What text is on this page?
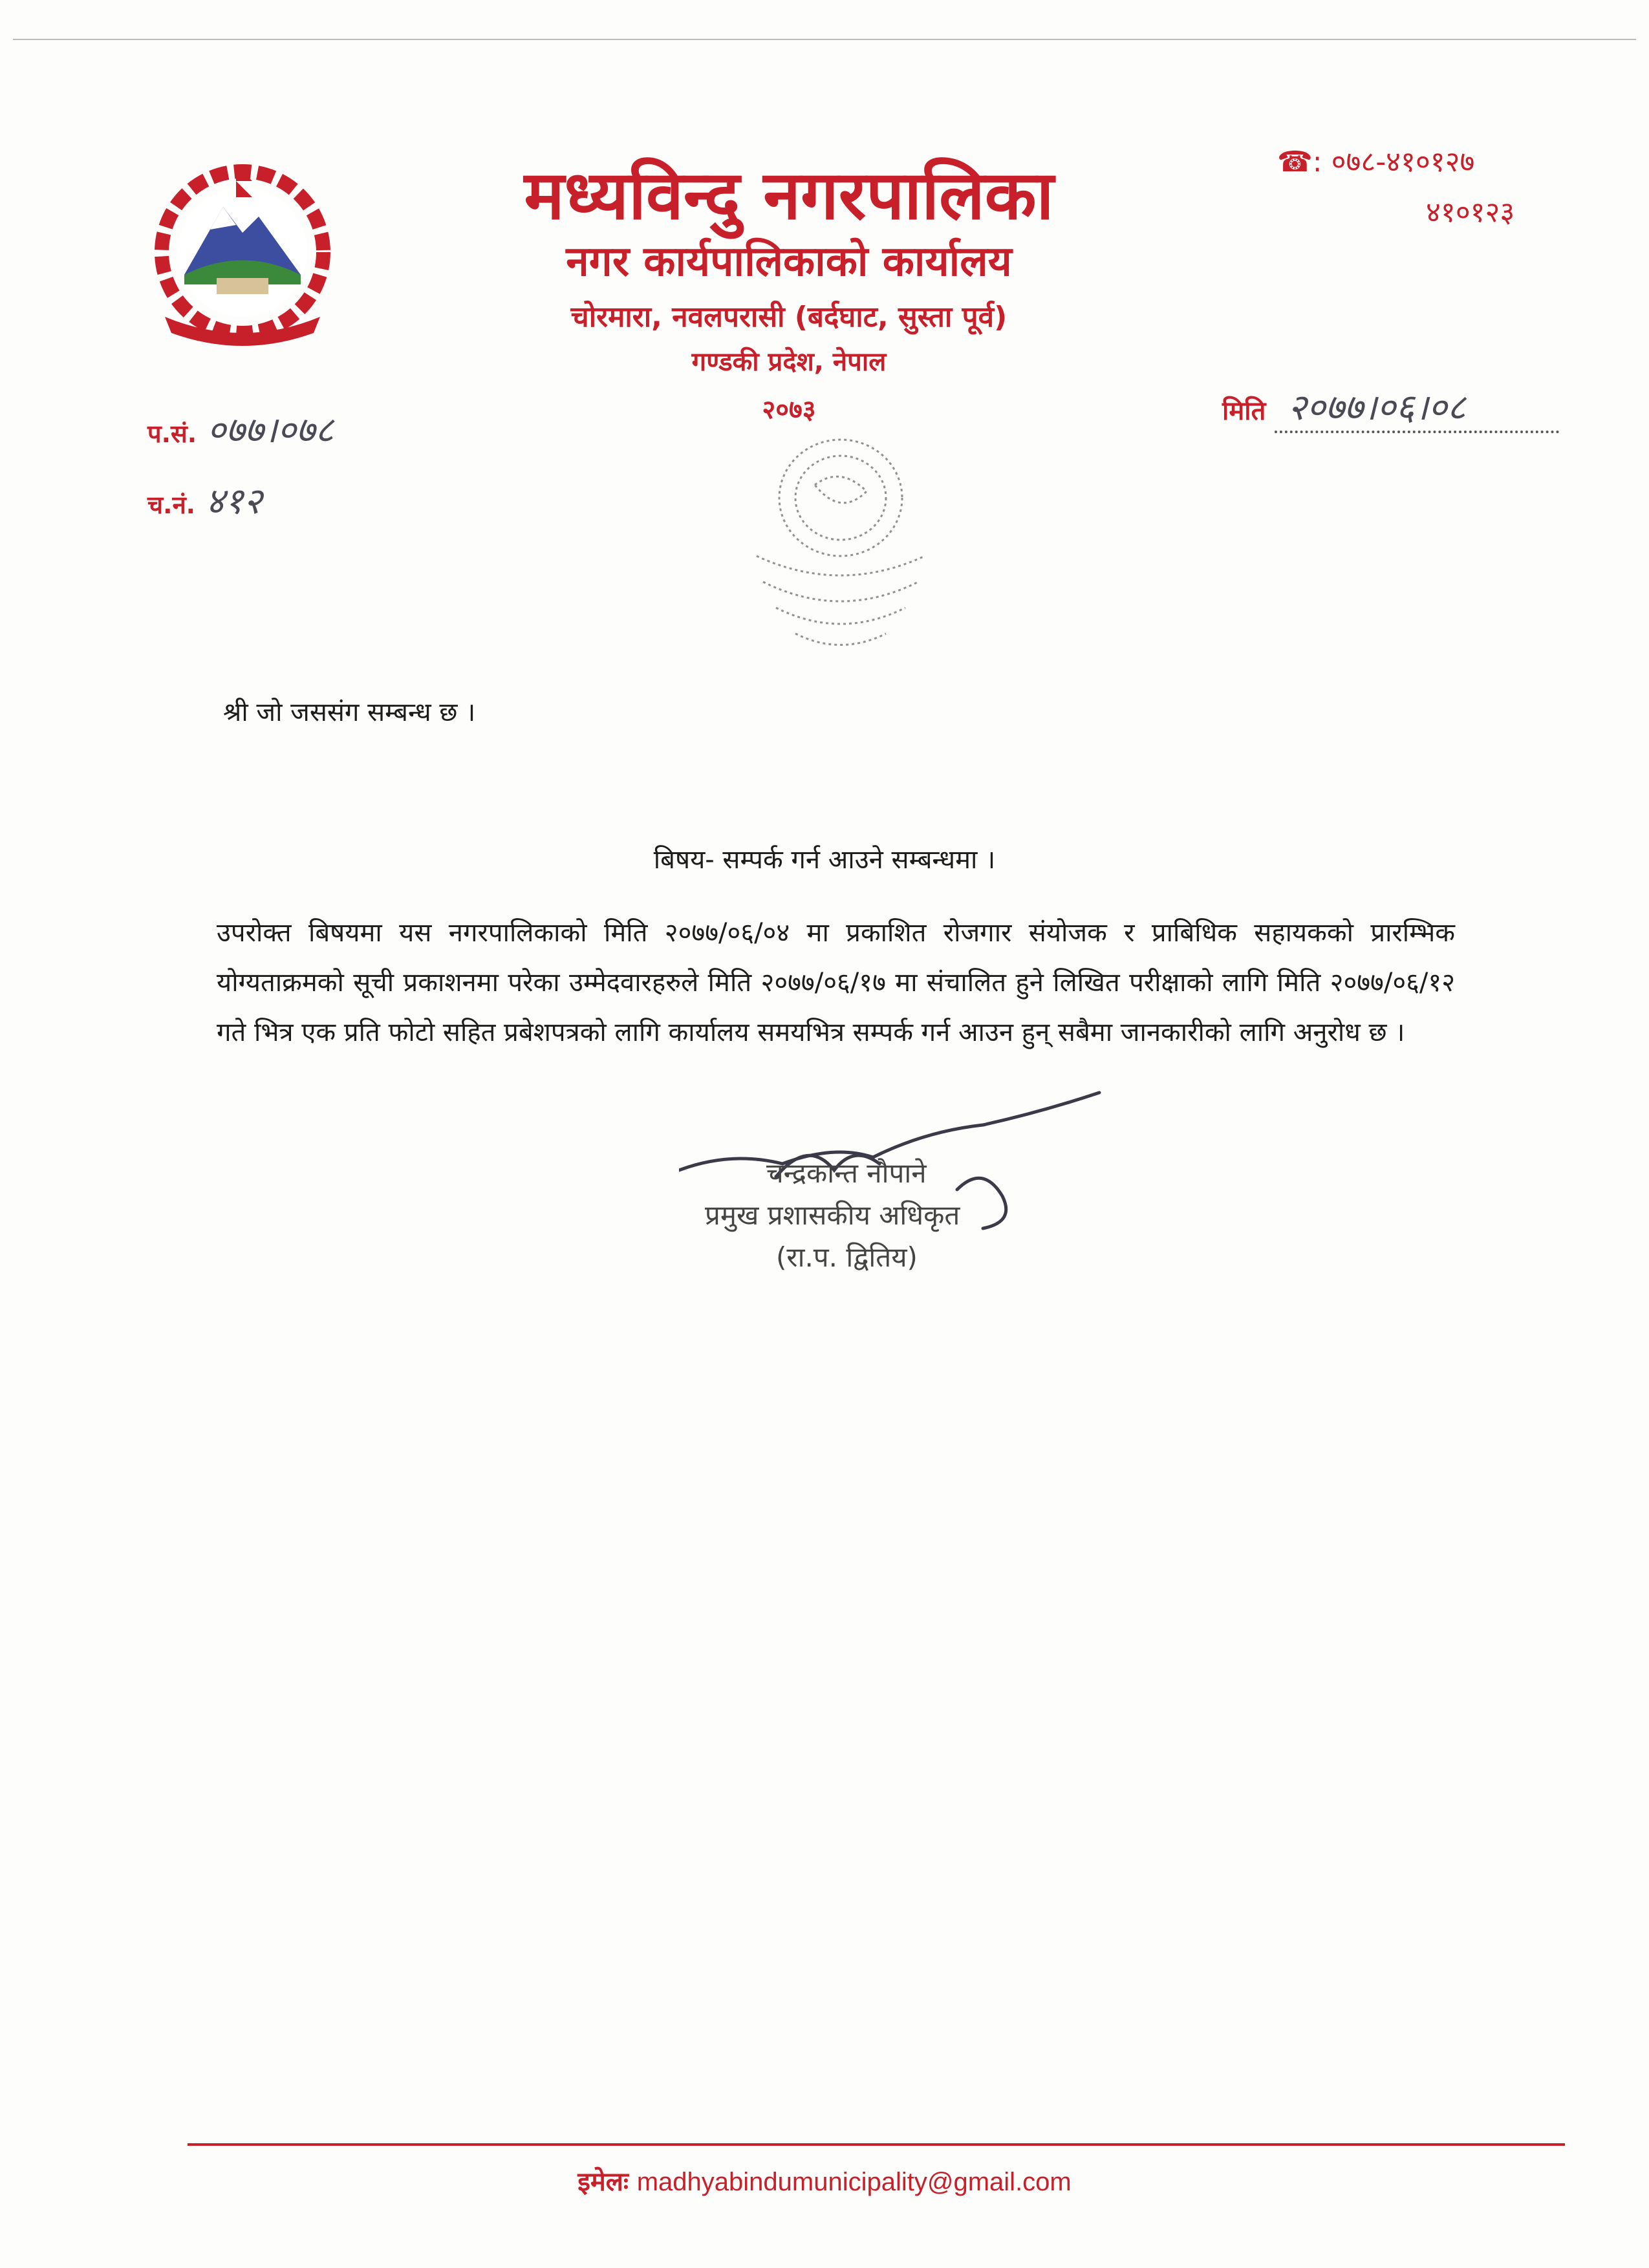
मध्यविन्दु नगरपालिका
नगर कार्यपालिकाको कार्यालय
चोरमारा, नवलपरासी (बर्दघाट, सुस्ता पूर्व)
गण्डकी प्रदेश, नेपाल
२०७३
☎: ०७८-४१०१२७
४१०१२३
प.सं. ०७७।०७८
च.नं. ४१२
मिति २०७७।०६।०८
श्री जो जससंग सम्बन्ध छ ।
बिषय- सम्पर्क गर्न आउने सम्बन्धमा ।
उपरोक्त बिषयमा यस नगरपालिकाको मिति २०७७/०६/०४ मा प्रकाशित रोजगार संयोजक र प्राबिधिक सहायकको प्रारम्भिक योग्यताक्रमको सूची प्रकाशनमा परेका उम्मेदवारहरुले मिति २०७७/०६/१७ मा संचालित हुने लिखित परीक्षाको लागि मिति २०७७/०६/१२ गते भित्र एक प्रति फोटो सहित प्रबेशपत्रको लागि कार्यालय समयभित्र सम्पर्क गर्न आउन हुन् सबैमा जानकारीको लागि अनुरोध छ ।
चन्द्रकान्त नौपाने
प्रमुख प्रशासकीय अधिकृत
(रा.प. द्वितिय)
इमेलः madhyabindumunicipality@gmail.com
